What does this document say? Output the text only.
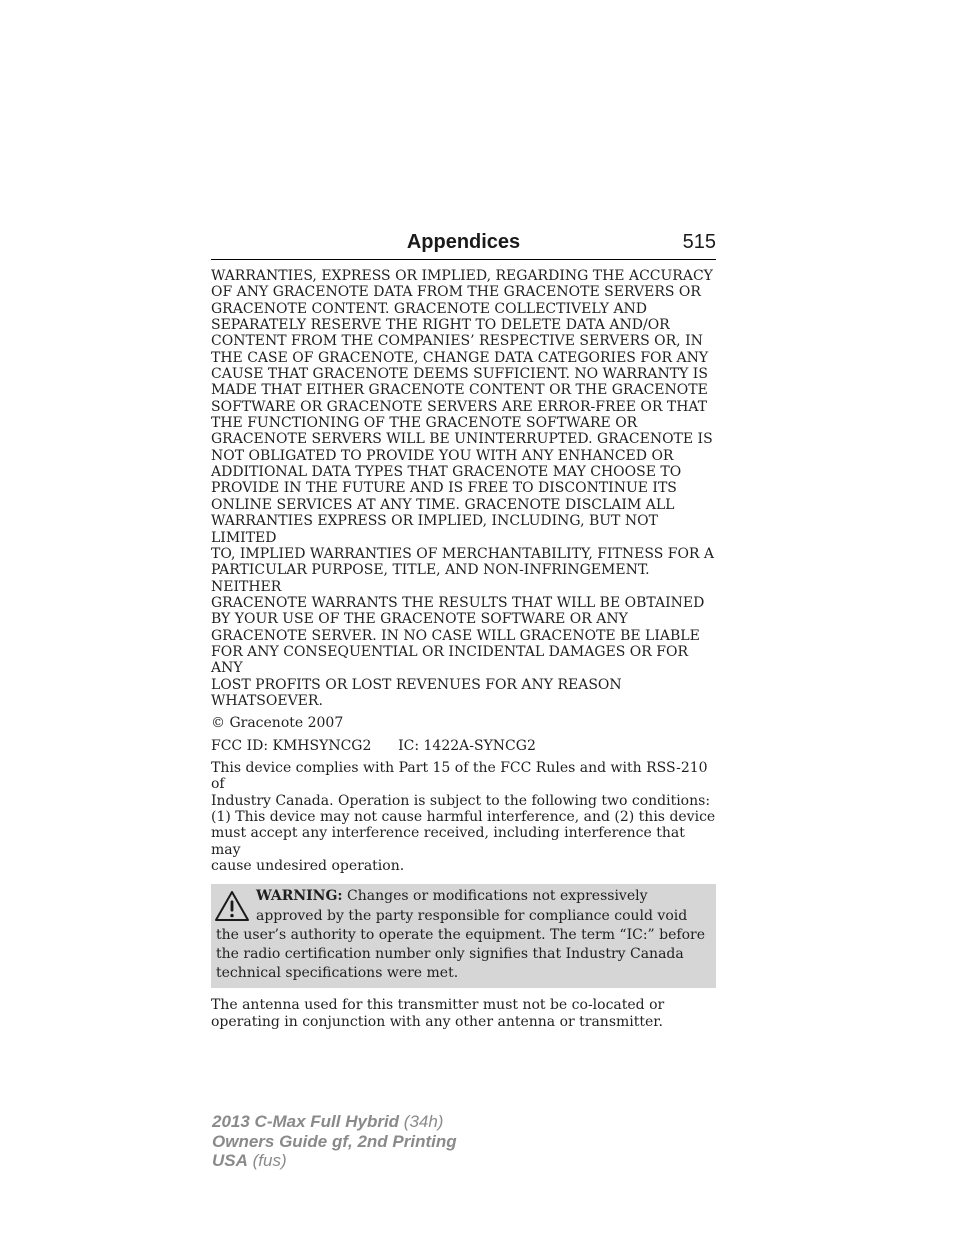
Appendices	515

WARRANTIES, EXPRESS OR IMPLIED, REGARDING THE ACCURACY
OF ANY GRACENOTE DATA FROM THE GRACENOTE SERVERS OR
GRACENOTE CONTENT. GRACENOTE COLLECTIVELY AND
SEPARATELY RESERVE THE RIGHT TO DELETE DATA AND/OR
CONTENT FROM THE COMPANIES’ RESPECTIVE SERVERS OR, IN
THE CASE OF GRACENOTE, CHANGE DATA CATEGORIES FOR ANY
CAUSE THAT GRACENOTE DEEMS SUFFICIENT. NO WARRANTY IS
MADE THAT EITHER GRACENOTE CONTENT OR THE GRACENOTE
SOFTWARE OR GRACENOTE SERVERS ARE ERROR-FREE OR THAT
THE FUNCTIONING OF THE GRACENOTE SOFTWARE OR
GRACENOTE SERVERS WILL BE UNINTERRUPTED. GRACENOTE IS
NOT OBLIGATED TO PROVIDE YOU WITH ANY ENHANCED OR
ADDITIONAL DATA TYPES THAT GRACENOTE MAY CHOOSE TO
PROVIDE IN THE FUTURE AND IS FREE TO DISCONTINUE ITS
ONLINE SERVICES AT ANY TIME. GRACENOTE DISCLAIM ALL
WARRANTIES EXPRESS OR IMPLIED, INCLUDING, BUT NOT LIMITED
TO, IMPLIED WARRANTIES OF MERCHANTABILITY, FITNESS FOR A
PARTICULAR PURPOSE, TITLE, AND NON-INFRINGEMENT. NEITHER
GRACENOTE WARRANTS THE RESULTS THAT WILL BE OBTAINED
BY YOUR USE OF THE GRACENOTE SOFTWARE OR ANY
GRACENOTE SERVER. IN NO CASE WILL GRACENOTE BE LIABLE
FOR ANY CONSEQUENTIAL OR INCIDENTAL DAMAGES OR FOR ANY
LOST PROFITS OR LOST REVENUES FOR ANY REASON
WHATSOEVER.

© Gracenote 2007

FCC ID: KMHSYNCG2      IC: 1422A-SYNCG2

This device complies with Part 15 of the FCC Rules and with RSS-210 of
Industry Canada. Operation is subject to the following two conditions:
(1) This device may not cause harmful interference, and (2) this device
must accept any interference received, including interference that may
cause undesired operation.

WARNING: Changes or modifications not expressively approved by the party responsible for compliance could void the user’s authority to operate the equipment. The term “IC:” before the radio certification number only signifies that Industry Canada technical specifications were met.

The antenna used for this transmitter must not be co-located or
operating in conjunction with any other antenna or transmitter.

2013 C-Max Full Hybrid (34h)
Owners Guide gf, 2nd Printing
USA (fus)
